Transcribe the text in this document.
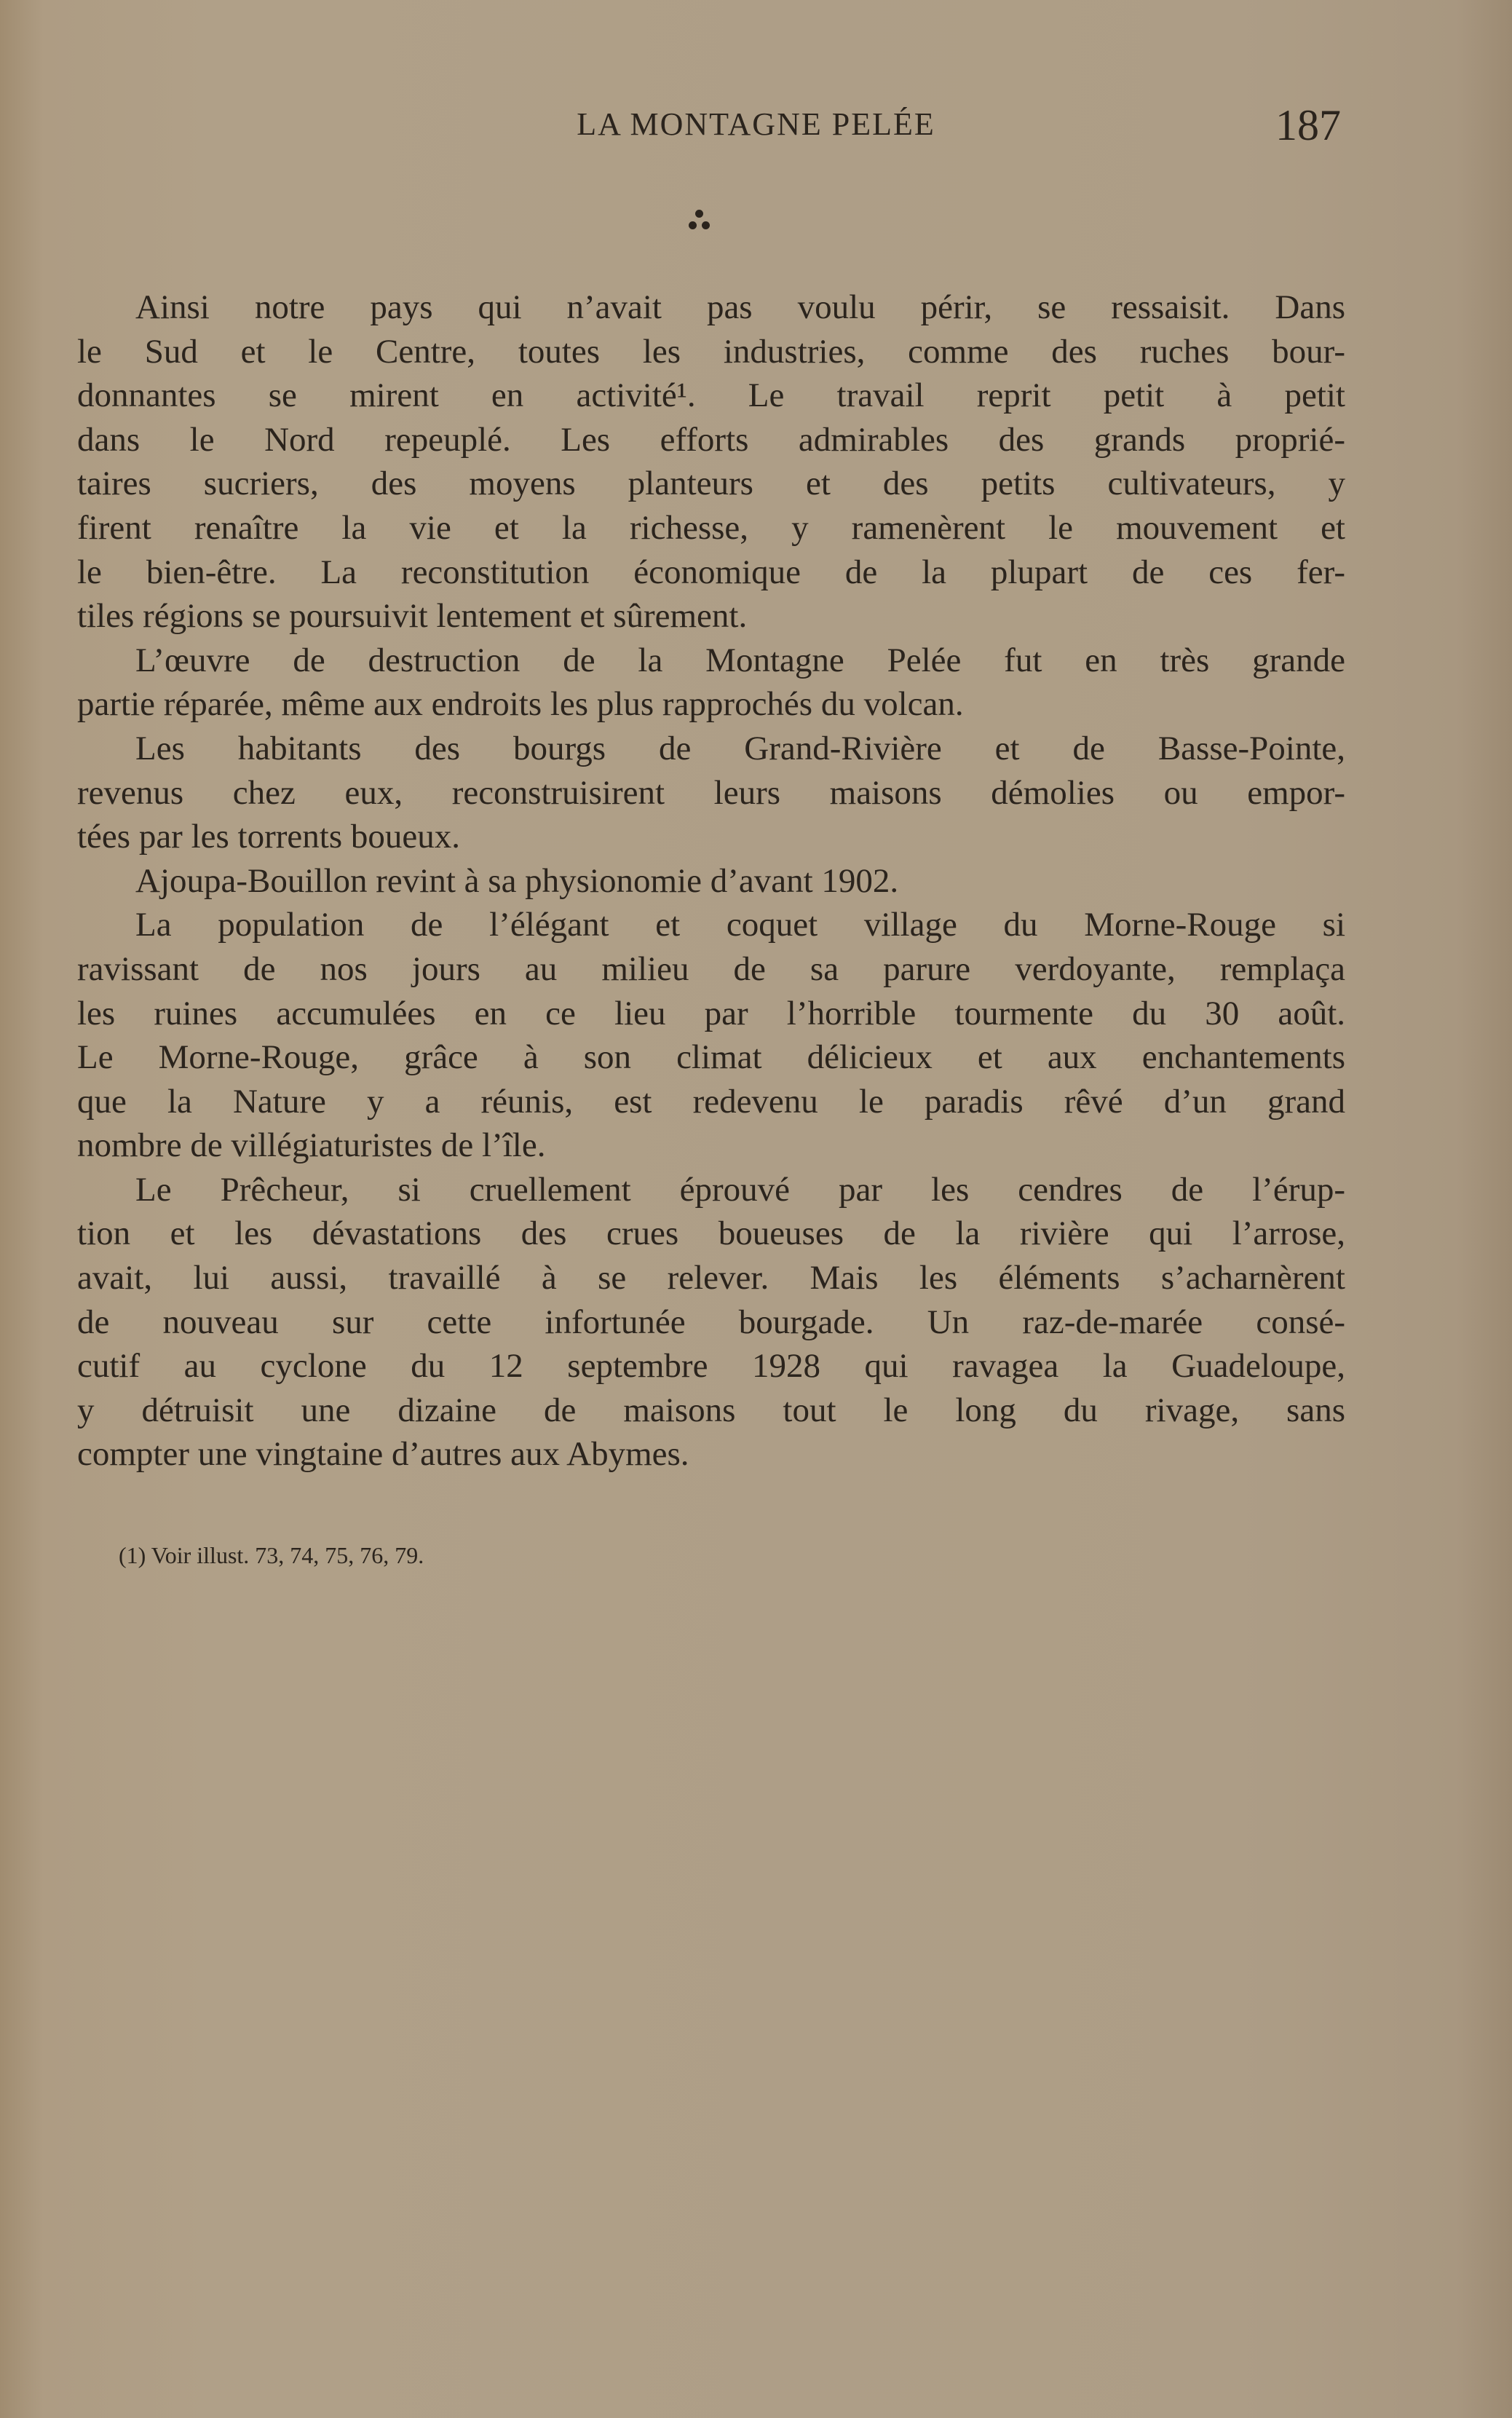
LA MONTAGNE PELÉE	187
Ainsi notre pays qui n’avait pas voulu périr, se ressaisit. Dans
le Sud et le Centre, toutes les industries, comme des ruches bour-
donnantes se mirent en activité¹. Le travail reprit petit à petit
dans le Nord repeuplé. Les efforts admirables des grands proprié-
taires sucriers, des moyens planteurs et des petits cultivateurs, y
firent renaître la vie et la richesse, y ramenèrent le mouvement et
le bien-être. La reconstitution économique de la plupart de ces fer-
tiles régions se poursuivit lentement et sûrement.
L’œuvre de destruction de la Montagne Pelée fut en très grande
partie réparée, même aux endroits les plus rapprochés du volcan.
Les habitants des bourgs de Grand-Rivière et de Basse-Pointe,
revenus chez eux, reconstruisirent leurs maisons démolies ou empor-
tées par les torrents boueux.
Ajoupa-Bouillon revint à sa physionomie d’avant 1902.
La population de l’élégant et coquet village du Morne-Rouge si
ravissant de nos jours au milieu de sa parure verdoyante, remplaça
les ruines accumulées en ce lieu par l’horrible tourmente du 30 août.
Le Morne-Rouge, grâce à son climat délicieux et aux enchantements
que la Nature y a réunis, est redevenu le paradis rêvé d’un grand
nombre de villégiaturistes de l’île.
Le Prêcheur, si cruellement éprouvé par les cendres de l’érup-
tion et les dévastations des crues boueuses de la rivière qui l’arrose,
avait, lui aussi, travaillé à se relever. Mais les éléments s’acharnèrent
de nouveau sur cette infortunée bourgade. Un raz-de-marée consé-
cutif au cyclone du 12 septembre 1928 qui ravagea la Guadeloupe,
y détruisit une dizaine de maisons tout le long du rivage, sans
compter une vingtaine d’autres aux Abymes.
(1) Voir illust. 73, 74, 75, 76, 79.
